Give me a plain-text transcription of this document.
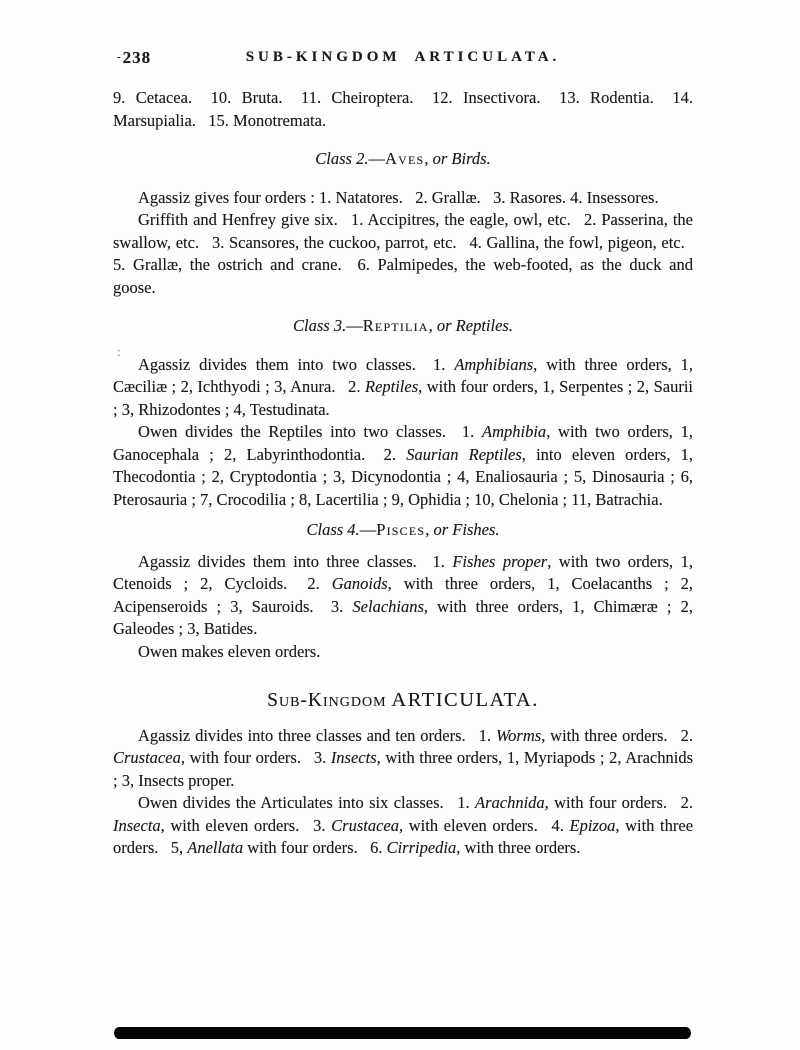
-238	SUB-KINGDOM ARTICULATA.

9. Cetacea.  10. Bruta.  11. Cheiroptera.  12. Insectivora.  13. Rodentia.  14. Marsupialia.  15. Monotremata.

Class 2.—Aves, or Birds.

Agassiz gives four orders : 1. Natatores.  2. Grallæ.  3. Rasores. 4. Insessores.

Griffith and Henfrey give six.  1. Accipitres, the eagle, owl, etc.  2. Passerina, the swallow, etc.  3. Scansores, the cuckoo, parrot, etc.  4. Gallina, the fowl, pigeon, etc.  5. Grallæ, the ostrich and crane.  6. Palmipedes, the web-footed, as the duck and goose.

Class 3.—Reptilia, or Reptiles.

Agassiz divides them into two classes.  1. Amphibians, with three orders, 1, Cæciliæ ; 2, Ichthyodi ; 3, Anura.  2. Reptiles, with four orders, 1, Serpentes ; 2, Saurii ; 3, Rhizodontes ; 4, Testudinata.

Owen divides the Reptiles into two classes.  1. Amphibia, with two orders, 1, Ganocephala ; 2, Labyrinthodontia.  2. Saurian Reptiles, into eleven orders, 1, Thecodontia ; 2, Cryptodontia ; 3, Dicynodontia ; 4, Enaliosauria ; 5, Dinosauria ; 6, Pterosauria ; 7, Crocodilia ; 8, Lacertilia ; 9, Ophidia ; 10, Chelonia ; 11, Batrachia.

Class 4.—Pisces, or Fishes.

Agassiz divides them into three classes.  1. Fishes proper, with two orders, 1, Ctenoids ; 2, Cycloids.  2. Ganoids, with three orders, 1, Coelacanths ; 2, Acipenseroids ; 3, Sauroids.  3. Selachians, with three orders, 1, Chimæræ ; 2, Galeodes ; 3, Batides.

Owen makes eleven orders.

Sub-Kingdom ARTICULATA.

Agassiz divides into three classes and ten orders.  1. Worms, with three orders.  2. Crustacea, with four orders.  3. Insects, with three orders, 1, Myriapods ; 2, Arachnids ; 3, Insects proper.

Owen divides the Articulates into six classes.  1. Arachnida, with four orders.  2. Insecta, with eleven orders.  3. Crustacea, with eleven orders.  4. Epizoa, with three orders.  5, Anellata with four orders.  6. Cirripedia, with three orders.

:
